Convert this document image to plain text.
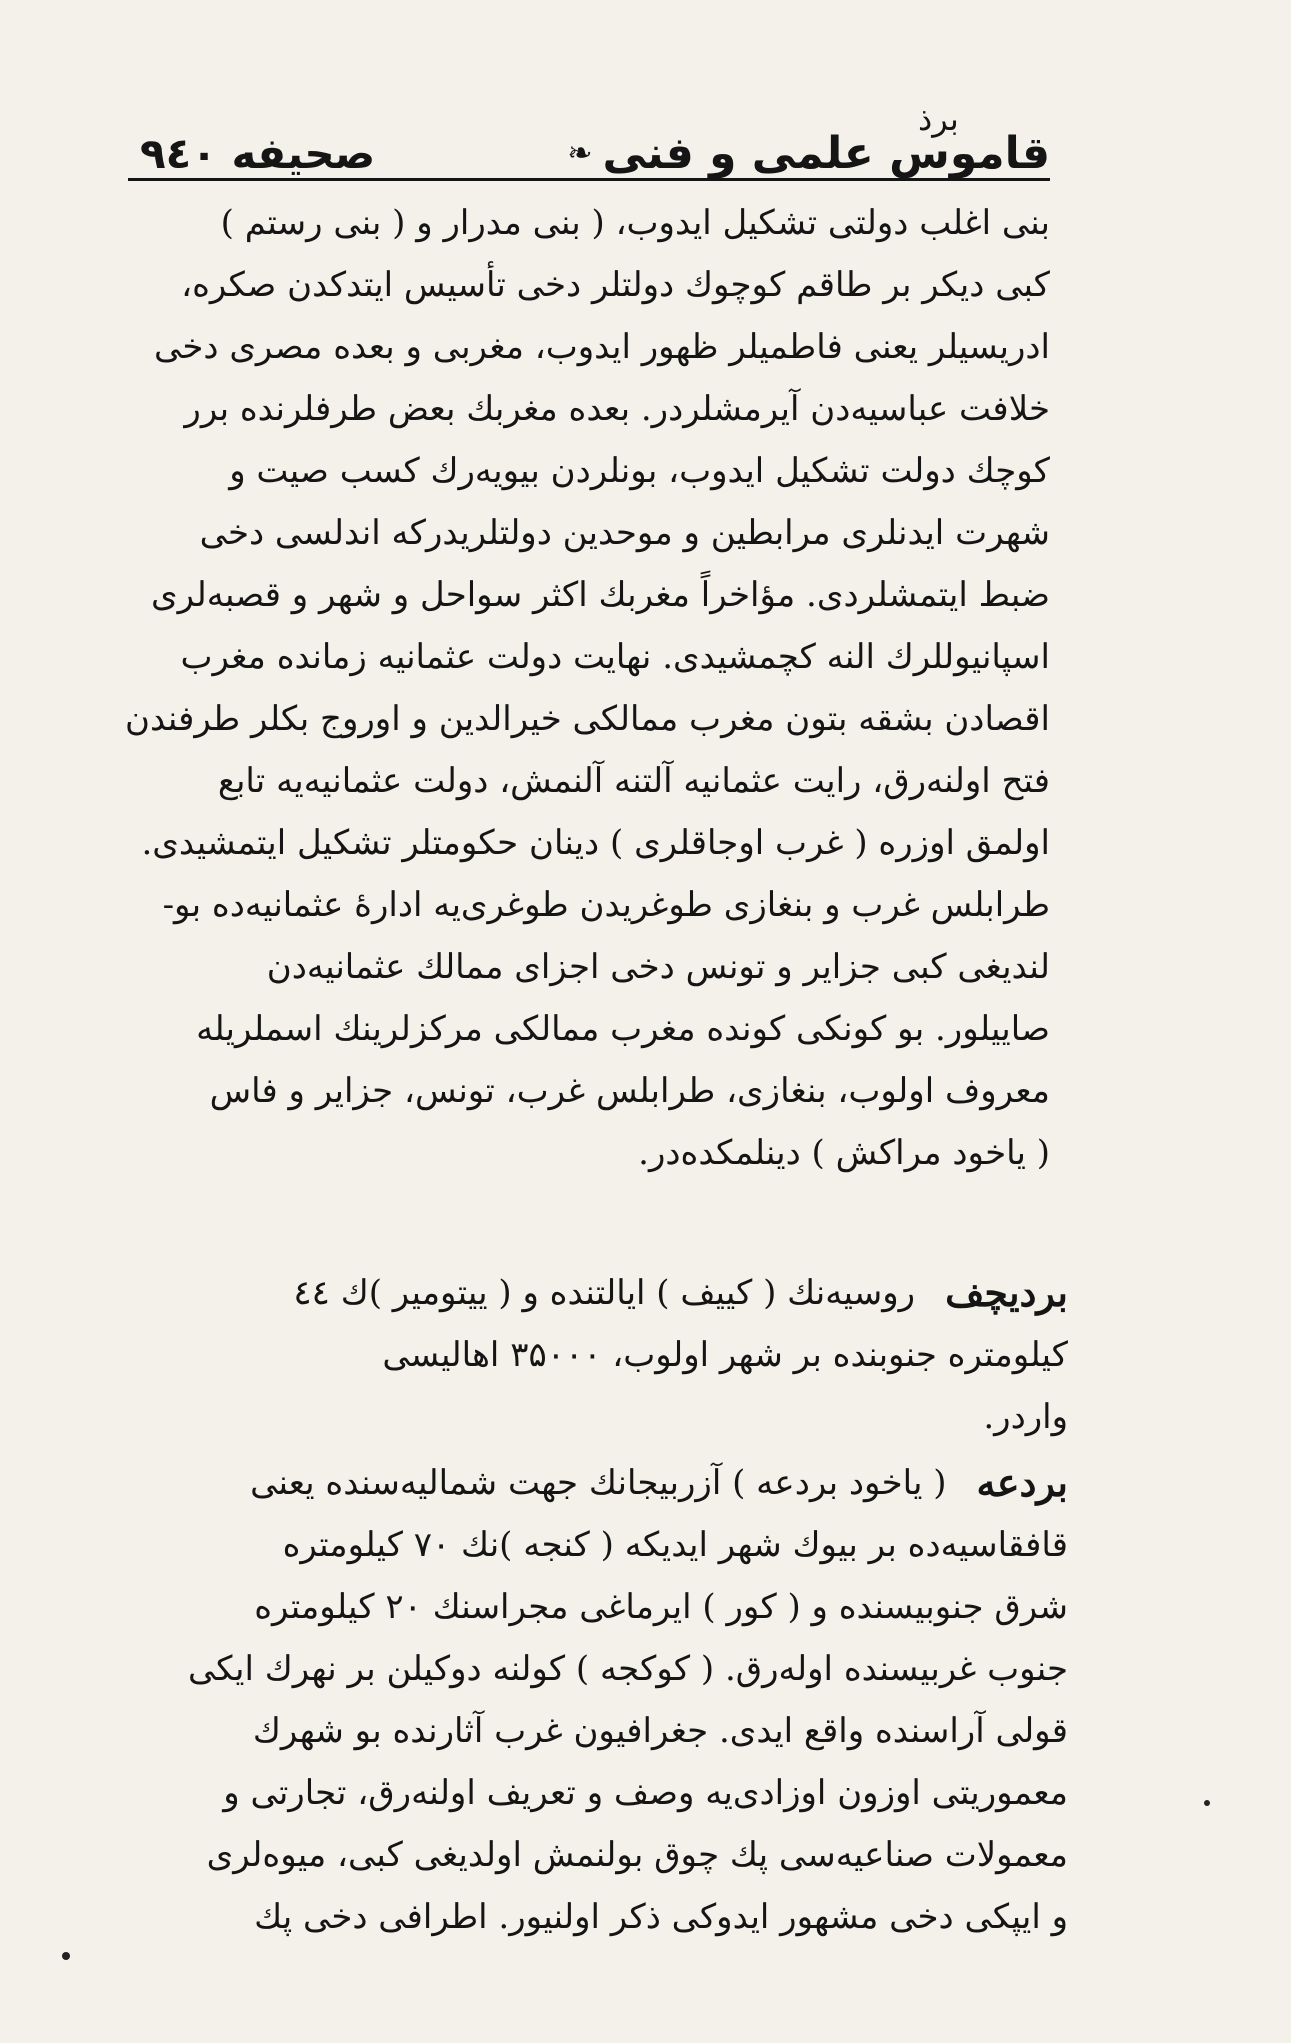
برذ
قاموس علمی و فنی
❧
صحیفه ۹٤۰
بنی اغلب دولتی تشکیل ایدوب، ( بنی مدرار و ( بنی رستم )
کبی دیکر بر طاقم کوچوك دولتلر دخی تأسیس ایتدکدن صکره،
ادریسیلر یعنی فاطمیلر ظهور ایدوب، مغربی و بعده مصری دخی
خلافت عباسیه‌دن آیرمشلردر. بعده مغربك بعض طرفلرنده برر
کوچك دولت تشکیل ایدوب، بونلردن بیویه‌رك کسب صیت و
شهرت ایدنلری مرابطین و موحدین دولتلریدرکه اندلسی دخی
ضبط ایتمشلردی. مؤاخراً مغربك اکثر سواحل و شهر و قصبه‌لری
اسپانیوللرك النه کچمشیدی. نهایت دولت عثمانیه زمانده مغرب
اقصادن بشقه بتون مغرب ممالکی خیرالدین و اوروج بکلر طرفندن
فتح اولنه‌رق، رایت عثمانیه آلتنه آلنمش، دولت عثمانیه‌یه تابع
اولمق اوزره ( غرب اوجاقلری ) دینان حکومتلر تشکیل ایتمشیدی.
طرابلس غرب و بنغازی طوغریدن طوغری‌یه ادارهٔ عثمانیه‌ده بو-
لندیغی کبی جزایر و تونس دخی اجزای ممالك عثمانیه‌دن
صاییلور. بو کونکی کونده مغرب ممالکی مرکزلرینك اسملریله
معروف اولوب، بنغازی، طرابلس غرب، تونس، جزایر و فاس
( یاخود مراکش ) دینلمکده‌در.
بردیچف
روسیه‌نك ( کییف ) ایالتنده و ( ییتومیر )ك ٤٤
کیلومتره جنوبنده بر شهر اولوب، ۳۵۰۰۰ اهالیسی
واردر.
بردعه
( یاخود بردعه ) آزربیجانك جهت شمالیه‌سنده یعنی
قافقاسیه‌ده بر بیوك شهر ایدیکه ( کنجه )نك ۷۰ کیلومتره
شرق جنوبیسنده و ( کور ) ایرماغی مجراسنك ۲۰ کیلومتره
جنوب غربیسنده اوله‌رق. ( کوکجه ) کولنه دوکیلن بر نهرك ایکی
قولی آراسنده واقع ایدی. جغرافیون غرب آثارنده بو شهرك
معموریتی اوزون اوزادی‌یه وصف و تعریف اولنه‌رق، تجارتی و
معمولات صناعیه‌سی پك چوق بولنمش اولدیغی کبی، میوه‌لری
و ایپکی دخی مشهور ایدوکی ذکر اولنیور. اطرافی دخی پك
